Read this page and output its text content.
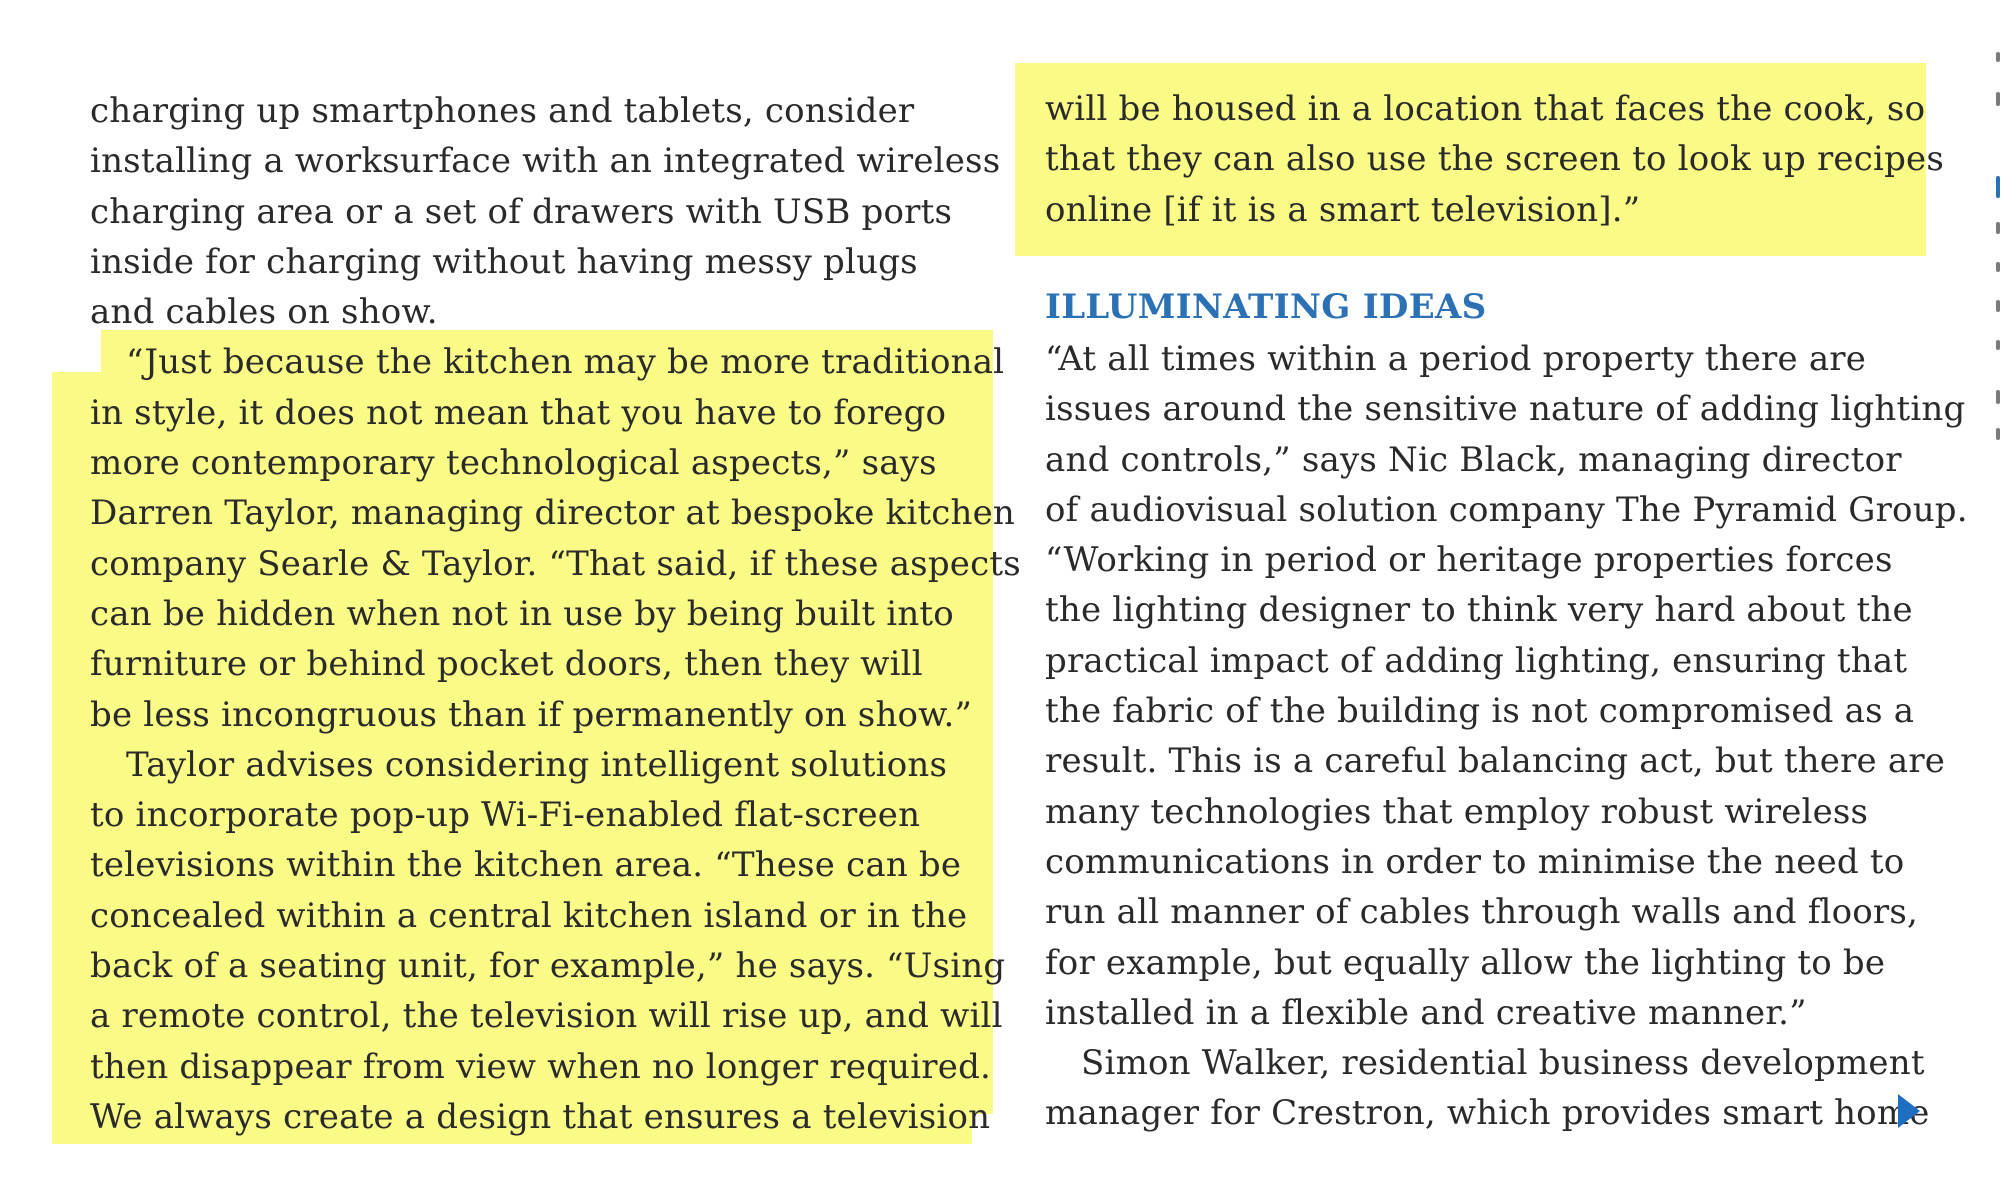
charging up smartphones and tablets, consider
installing a worksurface with an integrated wireless
charging area or a set of drawers with USB ports
inside for charging without having messy plugs
and cables on show.
“Just because the kitchen may be more traditional
in style, it does not mean that you have to forego
more contemporary technological aspects,” says
Darren Taylor, managing director at bespoke kitchen
company Searle & Taylor. “That said, if these aspects
can be hidden when not in use by being built into
furniture or behind pocket doors, then they will
be less incongruous than if permanently on show.”
Taylor advises considering intelligent solutions
to incorporate pop-up Wi-Fi-enabled flat-screen
televisions within the kitchen area. “These can be
concealed within a central kitchen island or in the
back of a seating unit, for example,” he says. “Using
a remote control, the television will rise up, and will
then disappear from view when no longer required.
We always create a design that ensures a television
will be housed in a location that faces the cook, so
that they can also use the screen to look up recipes
online [if it is a smart television].”
ILLUMINATING IDEAS
“At all times within a period property there are
issues around the sensitive nature of adding lighting
and controls,” says Nic Black, managing director
of audiovisual solution company The Pyramid Group.
“Working in period or heritage properties forces
the lighting designer to think very hard about the
practical impact of adding lighting, ensuring that
the fabric of the building is not compromised as a
result. This is a careful balancing act, but there are
many technologies that employ robust wireless
communications in order to minimise the need to
run all manner of cables through walls and floors,
for example, but equally allow the lighting to be
installed in a flexible and creative manner.”
Simon Walker, residential business development
manager for Crestron, which provides smart home
